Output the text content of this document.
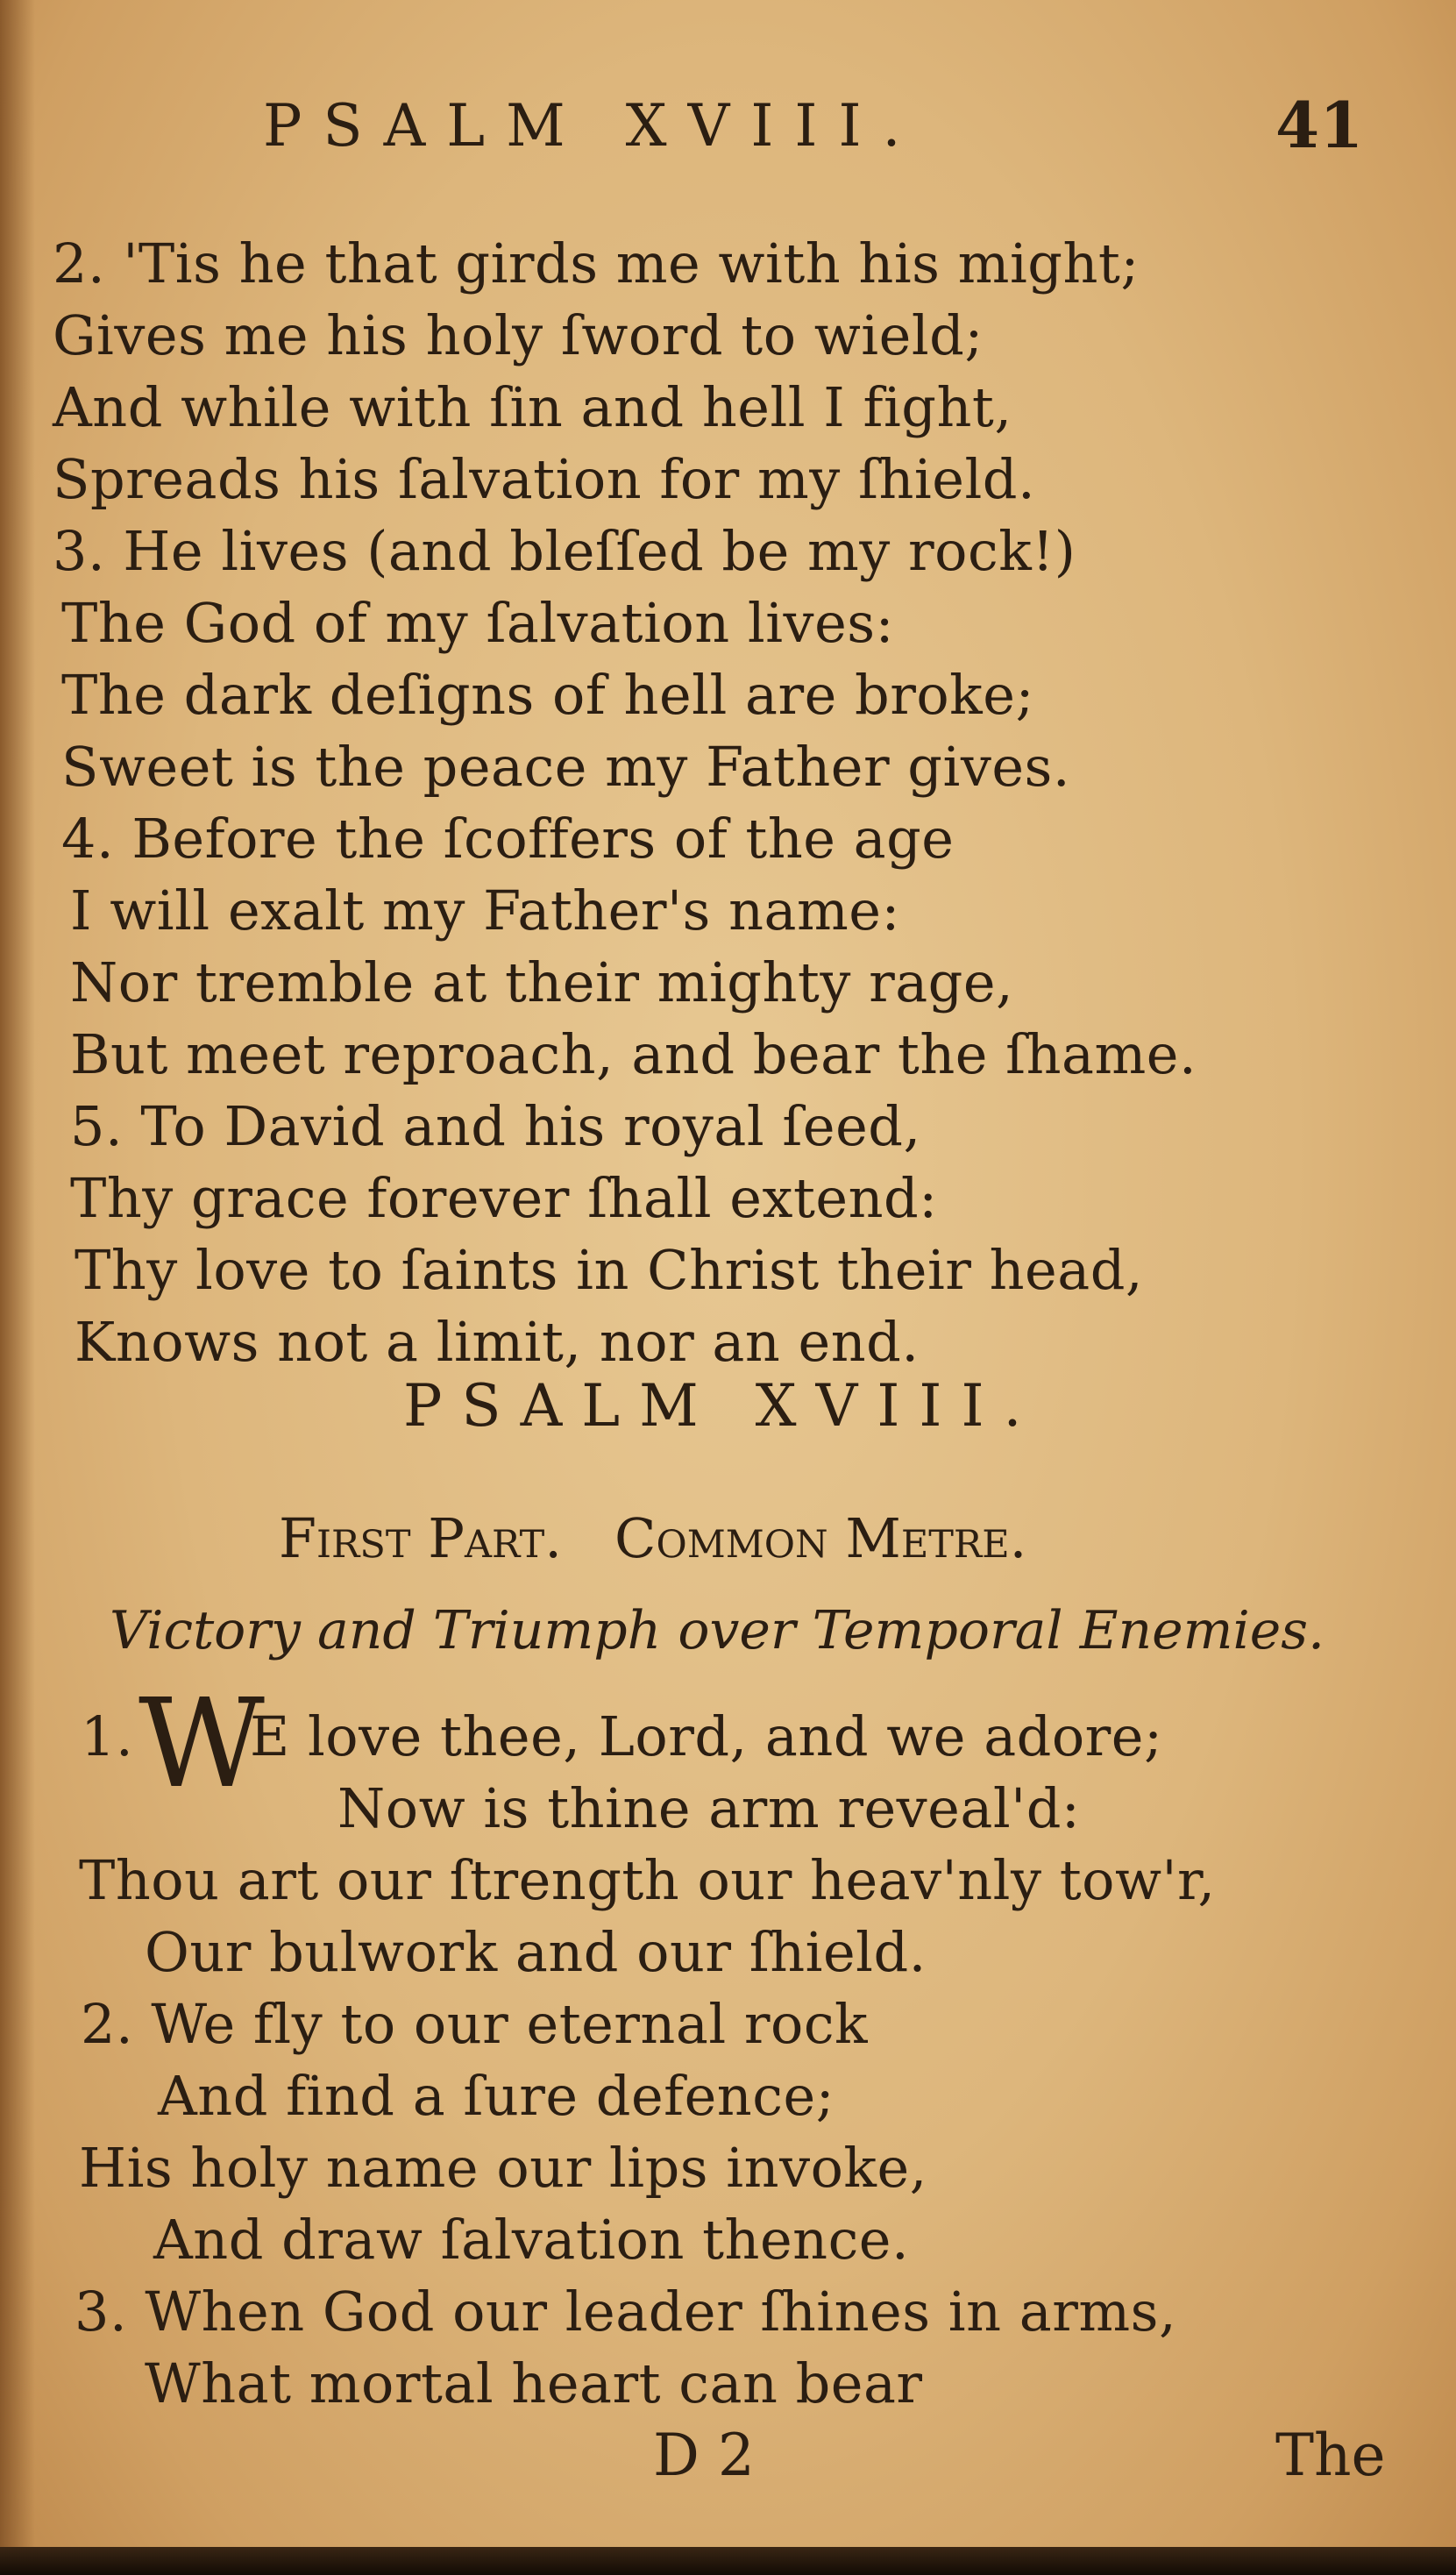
PSALM XVIII.	41
2. 'Tis he that girds me with his might;
Gives me his holy ſword to wield;
And while with ſin and hell I fight,
Spreads his ſalvation for my ſhield.
3. He lives (and bleſſed be my rock!)
The God of my ſalvation lives:
The dark deſigns of hell are broke;
Sweet is the peace my Father gives.
4. Before the ſcoffers of the age
I will exalt my Father's name:
Nor tremble at their mighty rage,
But meet reproach, and bear the ſhame.
5. To David and his royal ſeed,
Thy grace forever ſhall extend:
Thy love to ſaints in Christ their head,
Knows not a limit, nor an end.
PSALM XVIII.
First Part. Common Metre.
Victory and Triumph over Temporal Enemies.
1. W
E love thee, Lord, and we adore;
Now is thine arm reveal'd:
Thou art our ſtrength our heav'nly tow'r,
Our bulwork and our ſhield.
2. We fly to our eternal rock
And find a ſure defence;
His holy name our lips invoke,
And draw ſalvation thence.
3. When God our leader ſhines in arms,
What mortal heart can bear
D 2	The
